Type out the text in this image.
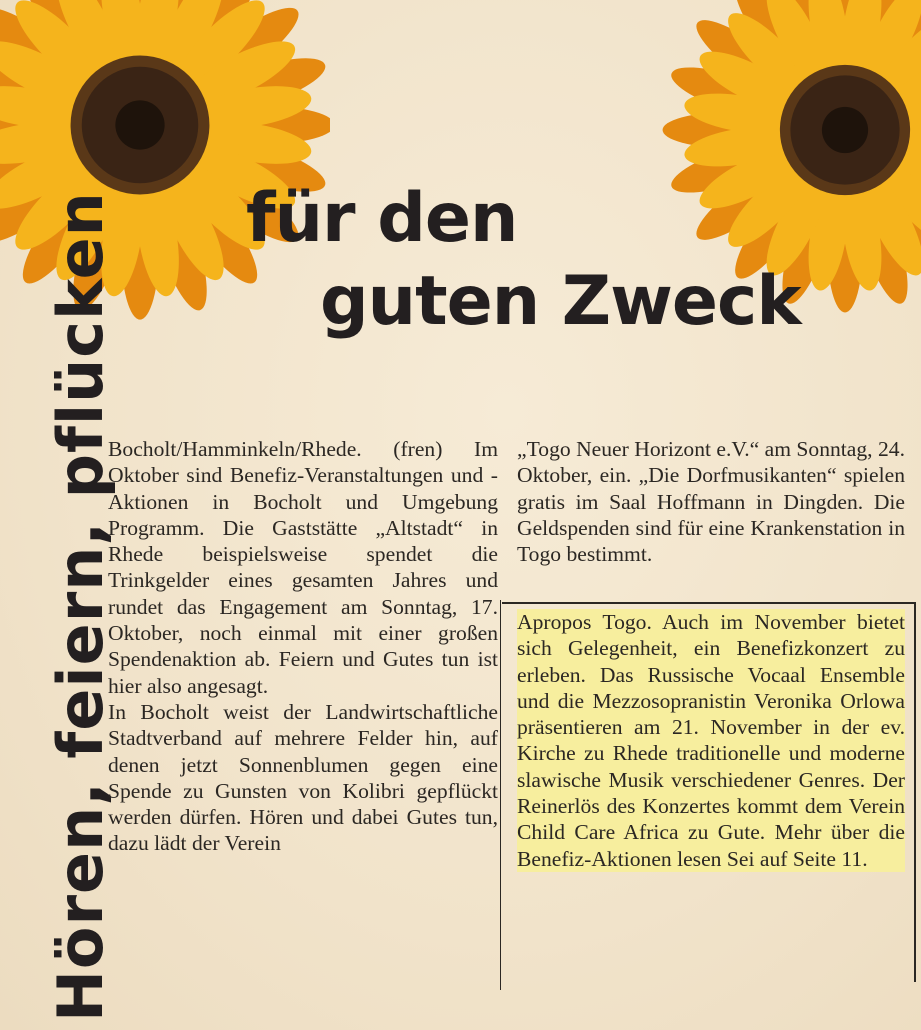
Hören, feiern, pflücken für den
guten Zweck

Bocholt/Hamminkeln/Rhede. (fren) Im Oktober sind Benefiz-Veranstaltungen und -Aktionen in Bocholt und Umgebung Programm. Die Gaststätte „Altstadt“ in Rhede beispielsweise spendet die Trinkgelder eines gesamten Jahres und rundet das Engagement am Sonntag, 17. Oktober, noch einmal mit einer großen Spendenaktion ab. Feiern und Gutes tun ist hier also angesagt.

In Bocholt weist der Landwirtschaftliche Stadtverband auf mehrere Felder hin, auf denen jetzt Sonnenblumen gegen eine Spende zu Gunsten von Kolibri gepflückt werden dürfen. Hören und dabei Gutes tun, dazu lädt der Verein

„Togo Neuer Horizont e.V.“ am Sonntag, 24. Oktober, ein. „Die Dorfmusikanten“ spielen gratis im Saal Hoffmann in Dingden. Die Geldspenden sind für eine Krankenstation in Togo bestimmt.

Apropos Togo. Auch im November bietet sich Gelegenheit, ein Benefizkonzert zu erleben. Das Russische Vocaal Ensemble und die Mezzosopranistin Veronika Orlowa präsentieren am 21. November in der ev. Kirche zu Rhede traditionelle und moderne slawische Musik verschiedener Genres. Der Reinerlös des Konzertes kommt dem Verein Child Care Africa zu Gute. Mehr über die Benefiz-Aktionen lesen Sei auf Seite 11.
